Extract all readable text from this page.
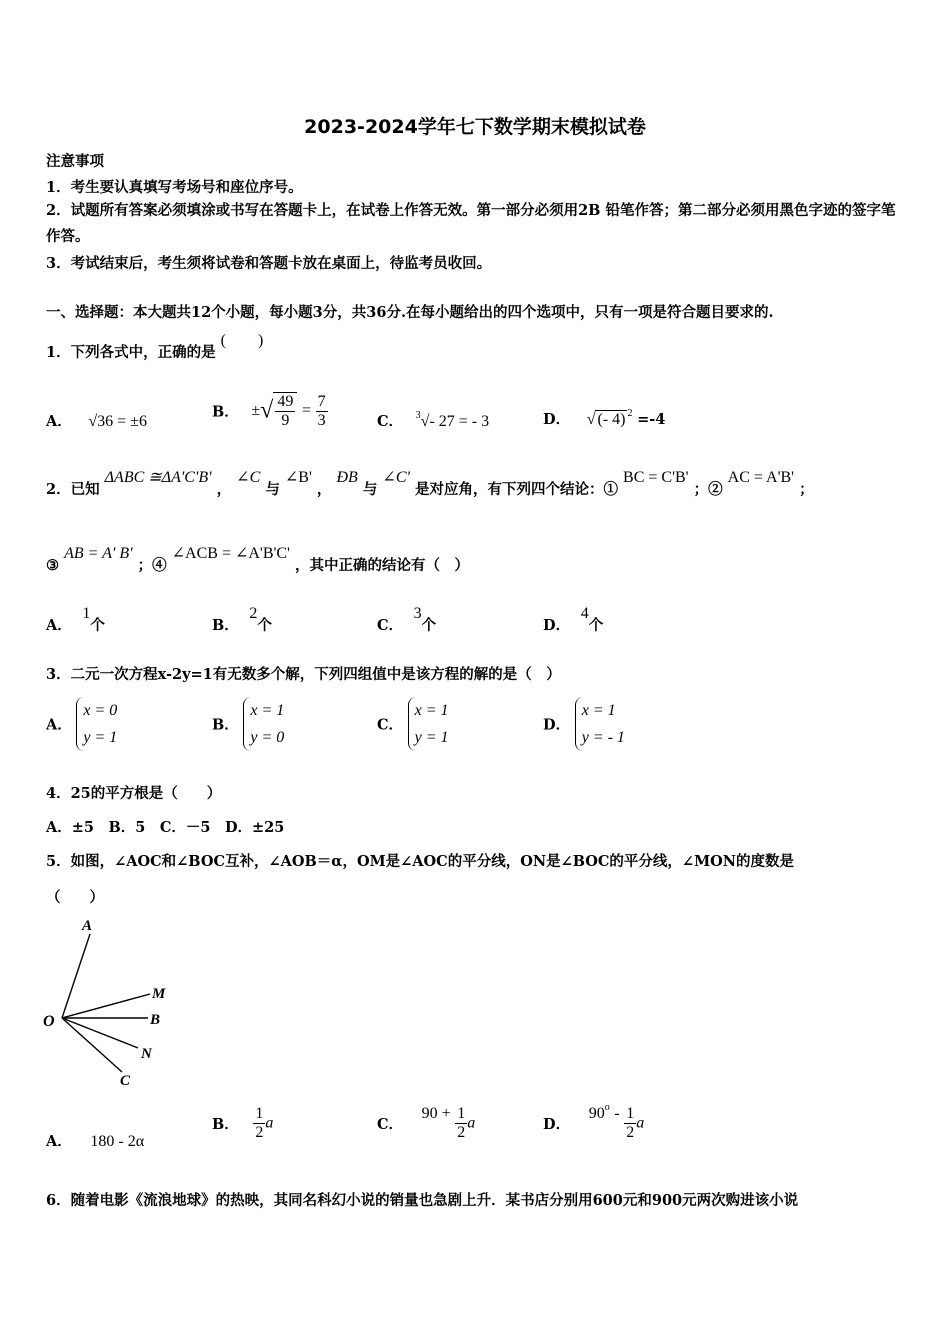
2023-2024学年七下数学期末模拟试卷
注意事项
1．考生要认真填写考场号和座位序号。
2．试题所有答案必须填涂或书写在答题卡上，在试卷上作答无效。第一部分必须用2B 铅笔作答；第二部分必须用黑色字迹的签字笔作答。
3．考试结束后，考生须将试卷和答题卡放在桌面上，待监考员收回。
一、选择题：本大题共12个小题，每小题3分，共36分.在每小题给出的四个选项中，只有一项是符合题目要求的.
1．下列各式中，正确的是 (　　)
A． √36 = ±6
B． ±√ $\frac{49}{9} = \frac{7}{3}$	C． $^3$√- 27 = - 3	D． √ (- 4) $^2$ =-4
2．已知 ΔABC ≅ΔA'C'B' ， ∠C 与 ∠B' ， ÐB 与 ∠C' 是对应角，有下列四个结论：① BC = C'B' ；② AC = A'B' ；
③ AB = A' B' ；④ ∠ACB = ∠A'B'C' ，其中正确的结论有（　）
A． 1个	B． 2个	C． 3个	D． 4个
3．二元一次方程x-2y=1有无数多个解，下列四组值中是该方程的解的是（　）
A．
x = 0
y = 1
B．
x = 1
y = 0
C．
x = 1
y = 1
D．
x = 1
y = - 1
4．25的平方根是（　　）
A．±5　B．5　C．－5　D．±25
5．如图，∠AOC和∠BOC互补，∠AOB＝α，OM是∠AOC的平分线，ON是∠BOC的平分线，∠MON的度数是
（　　）
A
M
B
O
N
C
A． 180 - 2α
B． $\frac{1}{2}$ a	C． $90 + \frac{1}{2}$ a	D． $90^o - \frac{1}{2}$ a
6．随着电影《流浪地球》的热映，其同名科幻小说的销量也急剧上升．某书店分别用600元和900元两次购进该小说
